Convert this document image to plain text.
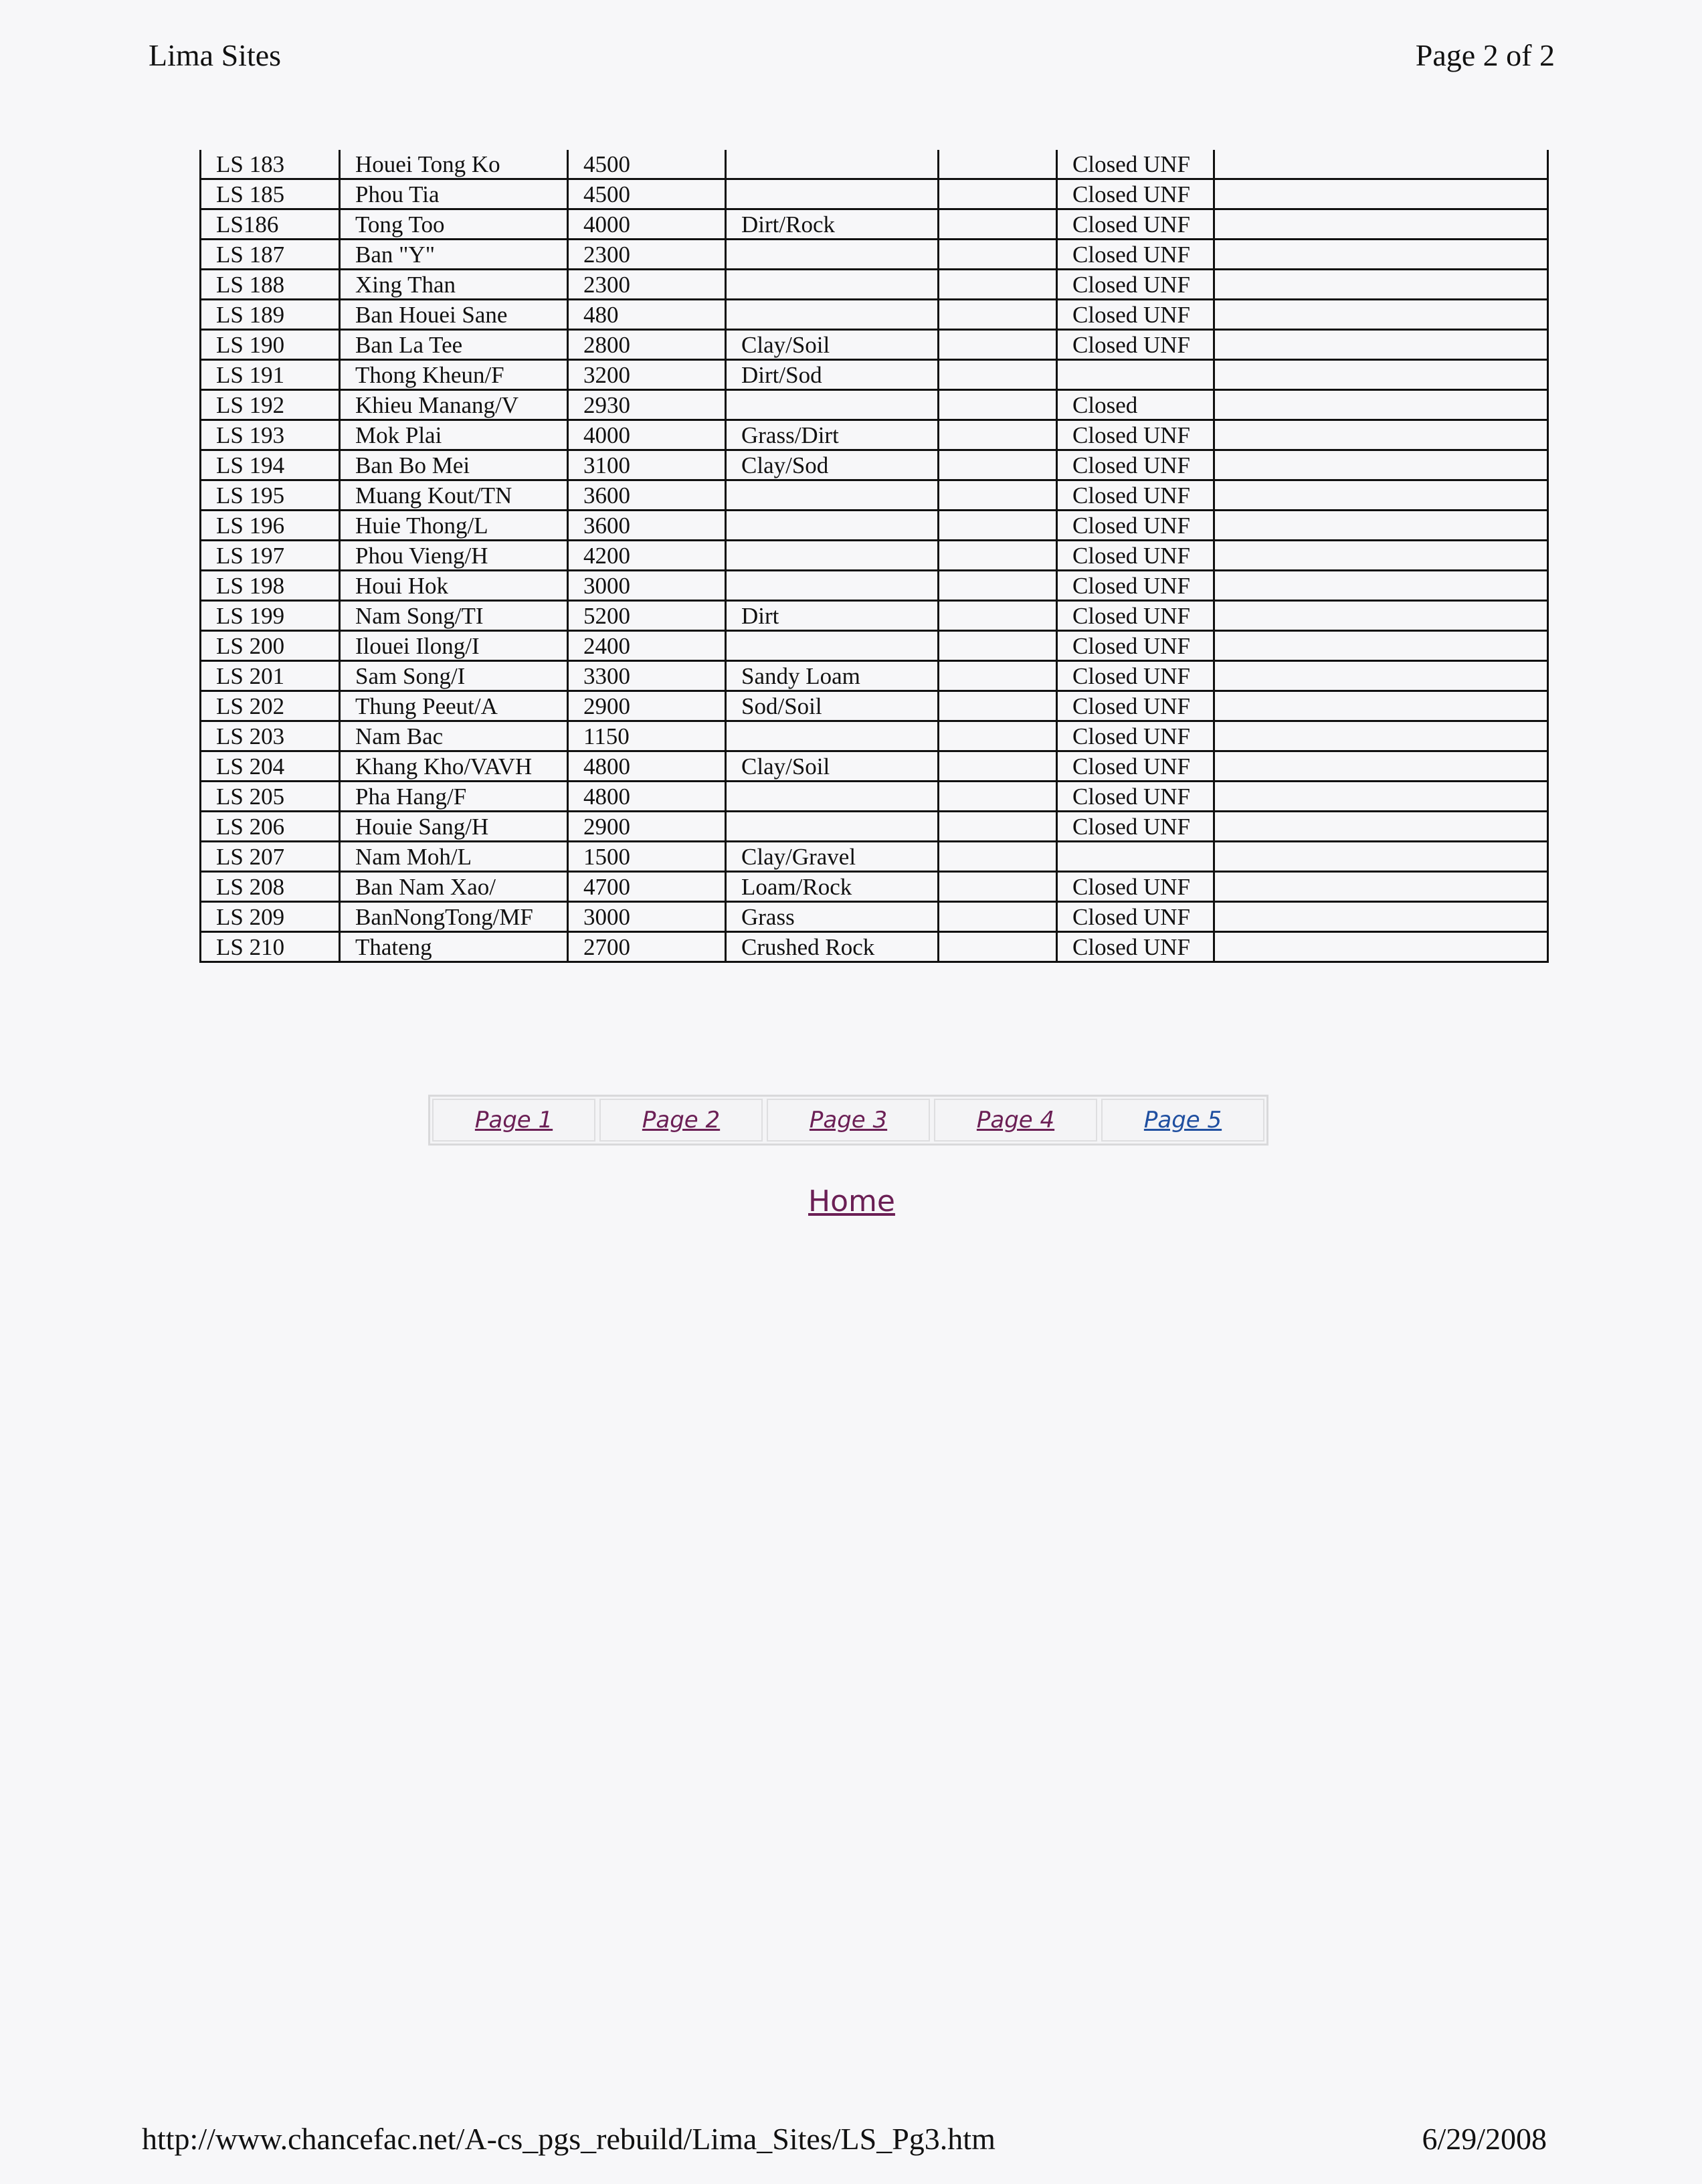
Lima Sites	Page 2 of 2
LS 183	Houei Tong Ko	4500			Closed UNF	
LS 185	Phou Tia	4500			Closed UNF	
LS186	Tong Too	4000	Dirt/Rock		Closed UNF	
LS 187	Ban "Y"	2300			Closed UNF	
LS 188	Xing Than	2300			Closed UNF	
LS 189	Ban Houei Sane	480			Closed UNF	
LS 190	Ban La Tee	2800	Clay/Soil		Closed UNF	
LS 191	Thong Kheun/F	3200	Dirt/Sod			
LS 192	Khieu Manang/V	2930			Closed	
LS 193	Mok Plai	4000	Grass/Dirt		Closed UNF	
LS 194	Ban Bo Mei	3100	Clay/Sod		Closed UNF	
LS 195	Muang Kout/TN	3600			Closed UNF	
LS 196	Huie Thong/L	3600			Closed UNF	
LS 197	Phou Vieng/H	4200			Closed UNF	
LS 198	Houi Hok	3000			Closed UNF	
LS 199	Nam Song/TI	5200	Dirt		Closed UNF	
LS 200	Ilouei Ilong/I	2400			Closed UNF	
LS 201	Sam Song/I	3300	Sandy Loam		Closed UNF	
LS 202	Thung Peeut/A	2900	Sod/Soil		Closed UNF	
LS 203	Nam Bac	1150			Closed UNF	
LS 204	Khang Kho/VAVH	4800	Clay/Soil		Closed UNF	
LS 205	Pha Hang/F	4800			Closed UNF	
LS 206	Houie Sang/H	2900			Closed UNF	
LS 207	Nam Moh/L	1500	Clay/Gravel			
LS 208	Ban Nam Xao/	4700	Loam/Rock		Closed UNF	
LS 209	BanNongTong/MF	3000	Grass		Closed UNF	
LS 210	Thateng	2700	Crushed Rock		Closed UNF	
Page 1	Page 2	Page 3	Page 4	Page 5
Home
http://www.chancefac.net/A-cs_pgs_rebuild/Lima_Sites/LS_Pg3.htm	6/29/2008
